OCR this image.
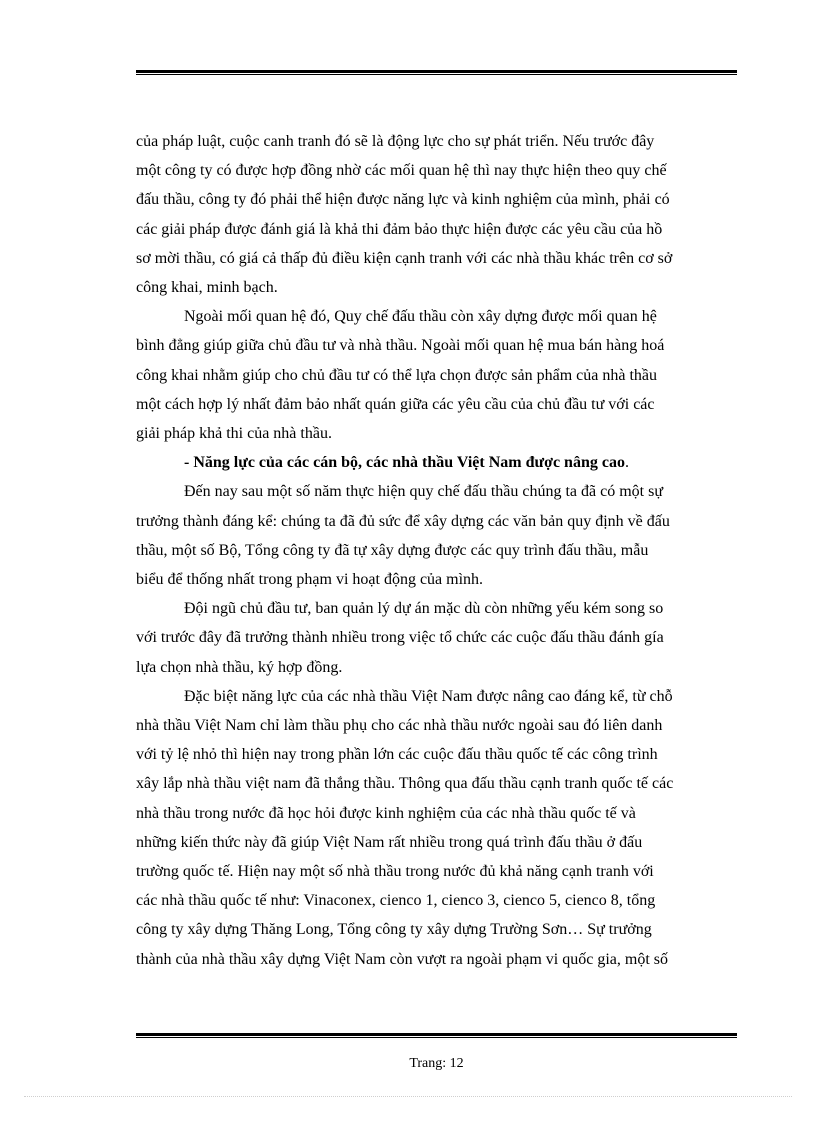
của pháp luật, cuộc canh tranh đó sẽ là động lực cho sự phát triển. Nếu trước đây
một công ty có được hợp đồng nhờ các mối quan hệ thì nay thực hiện theo quy chế
đấu thầu, công ty đó phải thể hiện được năng lực và kinh nghiệm của mình, phải có
các giải pháp được đánh giá là khả thi đảm bảo thực hiện được các yêu cầu của hồ
sơ mời thầu, có giá cả thấp đủ điều kiện cạnh tranh với các nhà thầu khác trên cơ sở
công khai, minh bạch.

Ngoài mối quan hệ đó, Quy chế đấu thầu còn xây dựng được mối quan hệ
bình đẳng giúp giữa chủ đầu tư và nhà thầu. Ngoài mối quan hệ mua bán hàng hoá
công khai nhằm giúp cho chủ đầu tư có thể lựa chọn được sản phẩm của nhà thầu
một cách hợp lý nhất đảm bảo nhất quán giữa các yêu cầu của chủ đầu tư với các
giải pháp khả thi của nhà thầu.

- Năng lực của các cán bộ, các nhà thầu Việt Nam được nâng cao.

Đến nay sau một số năm thực hiện quy chế đấu thầu chúng ta đã có một sự
trưởng thành đáng kể: chúng ta đã đủ sức để xây dựng các văn bản quy định về đấu
thầu, một số Bộ, Tổng công ty đã tự xây dựng được các quy trình đấu thầu, mẫu
biểu để thống nhất trong phạm vi hoạt động của mình.

Đội ngũ chủ đầu tư, ban quản lý dự án mặc dù còn những yếu kém song so
với trước đây đã trưởng thành nhiều trong việc tổ chức các cuộc đấu thầu đánh gía
lựa chọn nhà thầu, ký hợp đồng.

Đặc biệt năng lực của các nhà thầu Việt Nam được nâng cao đáng kể, từ chỗ
nhà thầu Việt Nam chỉ làm thầu phụ cho các nhà thầu nước ngoài sau đó liên danh
với tỷ lệ nhỏ thì hiện nay trong phần lớn các cuộc đấu thầu quốc tế các công trình
xây lắp nhà thầu việt nam đã thắng thầu. Thông qua đấu thầu cạnh tranh quốc tế các
nhà thầu trong nước đã học hỏi được kinh nghiệm của các nhà thầu quốc tế và
những kiến thức này đã giúp Việt Nam rất nhiều trong quá trình đấu thầu ở đấu
trường quốc tế. Hiện nay một số nhà thầu trong nước đủ khả năng cạnh tranh với
các nhà thầu quốc tế như: Vinaconex, cienco 1, cienco 3, cienco 5, cienco 8, tổng
công ty xây dựng Thăng Long, Tổng công ty xây dựng Trường Sơn… Sự trưởng
thành của nhà thầu xây dựng Việt Nam còn vượt ra ngoài phạm vi quốc gia, một số

Trang: 12
